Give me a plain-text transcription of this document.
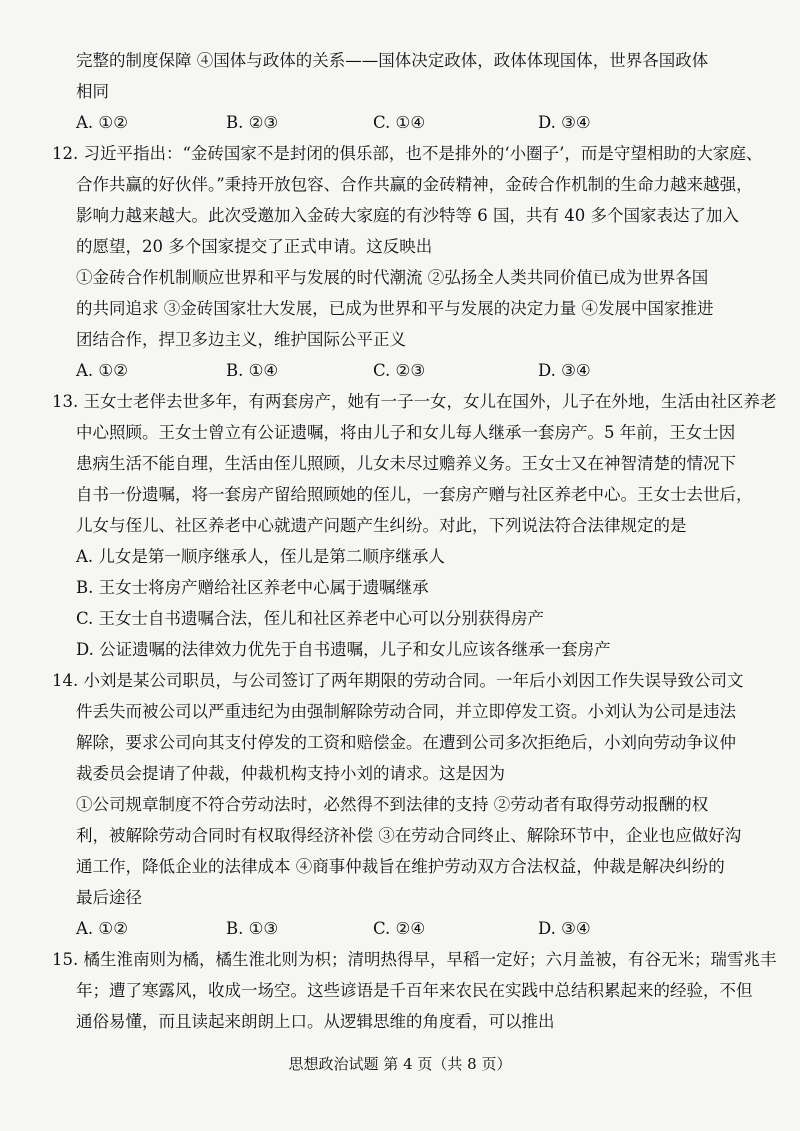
完整的制度保障 ④国体与政体的关系——国体决定政体，政体体现国体，世界各国政体
相同
A. ①②	B. ②③	C. ①④	D. ③④
12. 习近平指出：“金砖国家不是封闭的俱乐部，也不是排外的‘小圈子’，而是守望相助的大家庭、
合作共赢的好伙伴。”秉持开放包容、合作共赢的金砖精神，金砖合作机制的生命力越来越强，
影响力越来越大。此次受邀加入金砖大家庭的有沙特等 6 国，共有 40 多个国家表达了加入
的愿望，20 多个国家提交了正式申请。这反映出
①金砖合作机制顺应世界和平与发展的时代潮流 ②弘扬全人类共同价值已成为世界各国
的共同追求 ③金砖国家壮大发展，已成为世界和平与发展的决定力量 ④发展中国家推进
团结合作，捍卫多边主义，维护国际公平正义
A. ①②	B. ①④	C. ②③	D. ③④
13. 王女士老伴去世多年，有两套房产，她有一子一女，女儿在国外，儿子在外地，生活由社区养老
中心照顾。王女士曾立有公证遗嘱，将由儿子和女儿每人继承一套房产。5 年前，王女士因
患病生活不能自理，生活由侄儿照顾，儿女未尽过赡养义务。王女士又在神智清楚的情况下
自书一份遗嘱，将一套房产留给照顾她的侄儿，一套房产赠与社区养老中心。王女士去世后，
儿女与侄儿、社区养老中心就遗产问题产生纠纷。对此，下列说法符合法律规定的是
A. 儿女是第一顺序继承人，侄儿是第二顺序继承人
B. 王女士将房产赠给社区养老中心属于遗嘱继承
C. 王女士自书遗嘱合法，侄儿和社区养老中心可以分别获得房产
D. 公证遗嘱的法律效力优先于自书遗嘱，儿子和女儿应该各继承一套房产
14. 小刘是某公司职员，与公司签订了两年期限的劳动合同。一年后小刘因工作失误导致公司文
件丢失而被公司以严重违纪为由强制解除劳动合同，并立即停发工资。小刘认为公司是违法
解除，要求公司向其支付停发的工资和赔偿金。在遭到公司多次拒绝后，小刘向劳动争议仲
裁委员会提请了仲裁，仲裁机构支持小刘的请求。这是因为
①公司规章制度不符合劳动法时，必然得不到法律的支持 ②劳动者有取得劳动报酬的权
利，被解除劳动合同时有权取得经济补偿 ③在劳动合同终止、解除环节中，企业也应做好沟
通工作，降低企业的法律成本 ④商事仲裁旨在维护劳动双方合法权益，仲裁是解决纠纷的
最后途径
A. ①②	B. ①③	C. ②④	D. ③④
15. 橘生淮南则为橘，橘生淮北则为枳；清明热得早，早稻一定好；六月盖被，有谷无米；瑞雪兆丰
年；遭了寒露风，收成一场空。这些谚语是千百年来农民在实践中总结积累起来的经验，不但
通俗易懂，而且读起来朗朗上口。从逻辑思维的角度看，可以推出
思想政治试题 第 4 页（共 8 页）
